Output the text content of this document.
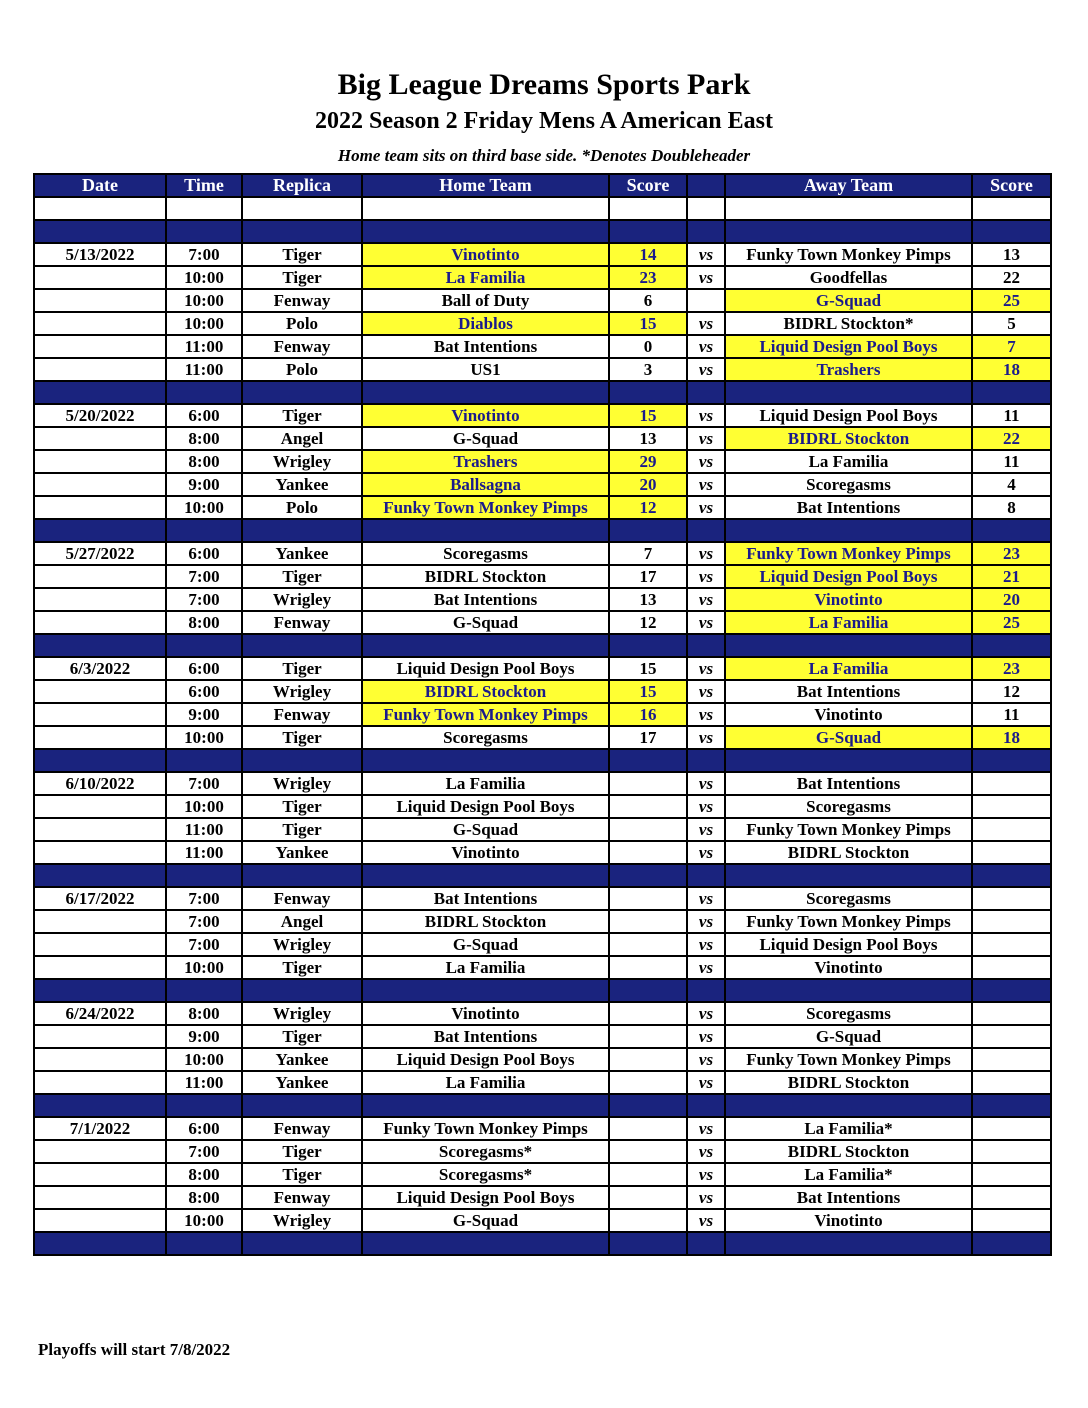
Big League Dreams Sports Park
2022 Season 2 Friday Mens A American East
Home team sits on third base side. *Denotes Doubleheader
Date	Time	Replica	Home Team	Score		Away Team	Score

5/13/2022	7:00	Tiger	Vinotinto	14	vs	Funky Town Monkey Pimps	13
	10:00	Tiger	La Familia	23	vs	Goodfellas	22
	10:00	Fenway	Ball of Duty	6		G-Squad	25
	10:00	Polo	Diablos	15	vs	BIDRL Stockton*	5
	11:00	Fenway	Bat Intentions	0	vs	Liquid Design Pool Boys	7
	11:00	Polo	US1	3	vs	Trashers	18

5/20/2022	6:00	Tiger	Vinotinto	15	vs	Liquid Design Pool Boys	11
	8:00	Angel	G-Squad	13	vs	BIDRL Stockton	22
	8:00	Wrigley	Trashers	29	vs	La Familia	11
	9:00	Yankee	Ballsagna	20	vs	Scoregasms	4
	10:00	Polo	Funky Town Monkey Pimps	12	vs	Bat Intentions	8

5/27/2022	6:00	Yankee	Scoregasms	7	vs	Funky Town Monkey Pimps	23
	7:00	Tiger	BIDRL Stockton	17	vs	Liquid Design Pool Boys	21
	7:00	Wrigley	Bat Intentions	13	vs	Vinotinto	20
	8:00	Fenway	G-Squad	12	vs	La Familia	25

6/3/2022	6:00	Tiger	Liquid Design Pool Boys	15	vs	La Familia	23
	6:00	Wrigley	BIDRL Stockton	15	vs	Bat Intentions	12
	9:00	Fenway	Funky Town Monkey Pimps	16	vs	Vinotinto	11
	10:00	Tiger	Scoregasms	17	vs	G-Squad	18

6/10/2022	7:00	Wrigley	La Familia		vs	Bat Intentions	
	10:00	Tiger	Liquid Design Pool Boys		vs	Scoregasms	
	11:00	Tiger	G-Squad		vs	Funky Town Monkey Pimps	
	11:00	Yankee	Vinotinto		vs	BIDRL Stockton	

6/17/2022	7:00	Fenway	Bat Intentions		vs	Scoregasms	
	7:00	Angel	BIDRL Stockton		vs	Funky Town Monkey Pimps	
	7:00	Wrigley	G-Squad		vs	Liquid Design Pool Boys	
	10:00	Tiger	La Familia		vs	Vinotinto	

6/24/2022	8:00	Wrigley	Vinotinto		vs	Scoregasms	
	9:00	Tiger	Bat Intentions		vs	G-Squad	
	10:00	Yankee	Liquid Design Pool Boys		vs	Funky Town Monkey Pimps	
	11:00	Yankee	La Familia		vs	BIDRL Stockton	

7/1/2022	6:00	Fenway	Funky Town Monkey Pimps		vs	La Familia*	
	7:00	Tiger	Scoregasms*		vs	BIDRL Stockton	
	8:00	Tiger	Scoregasms*		vs	La Familia*	
	8:00	Fenway	Liquid Design Pool Boys		vs	Bat Intentions	
	10:00	Wrigley	G-Squad		vs	Vinotinto	

Playoffs will start 7/8/2022
